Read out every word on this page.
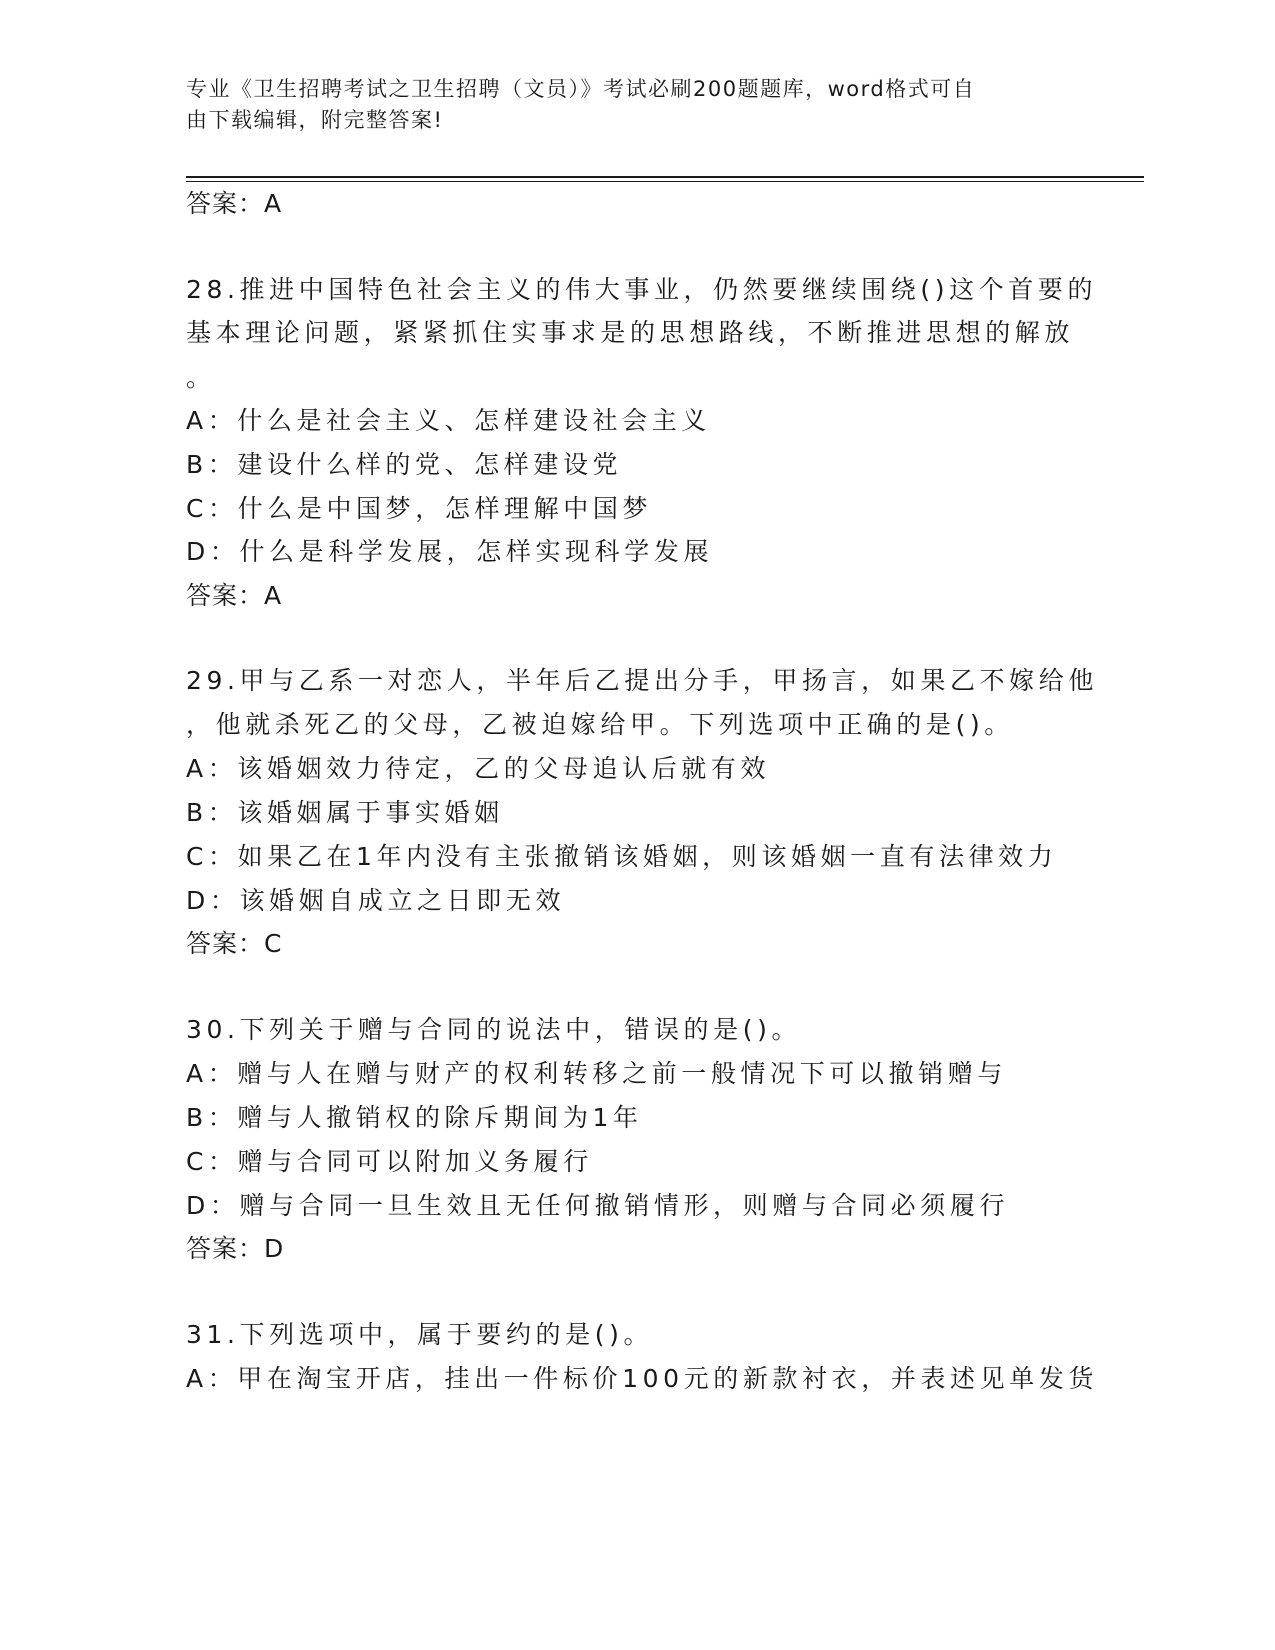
专业《卫生招聘考试之卫生招聘（文员）》考试必刷200题题库，word格式可自
由下载编辑，附完整答案!
答案：A
28.推进中国特色社会主义的伟大事业，仍然要继续围绕()这个首要的
基本理论问题，紧紧抓住实事求是的思想路线，不断推进思想的解放
。
A：什么是社会主义、怎样建设社会主义
B：建设什么样的党、怎样建设党
C：什么是中国梦，怎样理解中国梦
D：什么是科学发展，怎样实现科学发展
答案：A
29.甲与乙系一对恋人，半年后乙提出分手，甲扬言，如果乙不嫁给他
，他就杀死乙的父母，乙被迫嫁给甲。下列选项中正确的是()。
A：该婚姻效力待定，乙的父母追认后就有效
B：该婚姻属于事实婚姻
C：如果乙在1年内没有主张撤销该婚姻，则该婚姻一直有法律效力
D：该婚姻自成立之日即无效
答案：C
30.下列关于赠与合同的说法中，错误的是()。
A：赠与人在赠与财产的权利转移之前一般情况下可以撤销赠与
B：赠与人撤销权的除斥期间为1年
C：赠与合同可以附加义务履行
D：赠与合同一旦生效且无任何撤销情形，则赠与合同必须履行
答案：D
31.下列选项中，属于要约的是()。
A：甲在淘宝开店，挂出一件标价100元的新款衬衣，并表述见单发货
